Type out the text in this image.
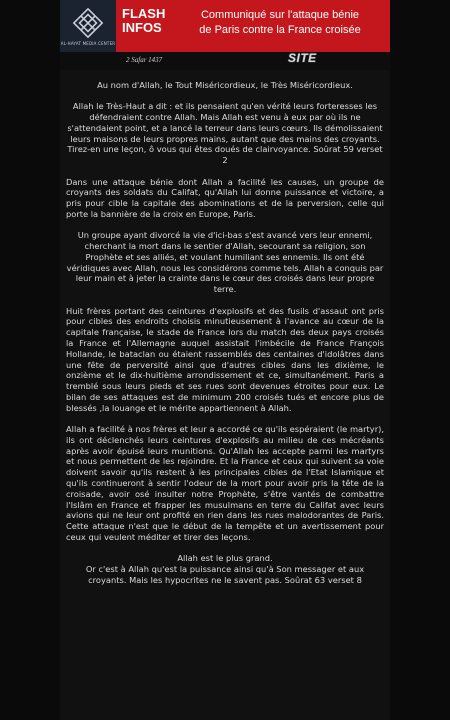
AL-HAYAT MEDIA CENTER
FLASH
INFOS
Communiqué sur l'attaque bénie
de Paris contre la France croisée
2 Safar 1437	SITE

Au nom d'Allah, le Tout Miséricordieux, le Très Miséricordieux.

Allah le Très-Haut a dit : et ils pensaient qu'en vérité leurs forteresses les défendraient contre Allah. Mais Allah est venu à eux par où ils ne s'attendaient point, et a lancé la terreur dans leurs cœurs. Ils démolissaient leurs maisons de leurs propres mains, autant que des mains des croyants. Tirez-en une leçon, ô vous qui êtes doués de clairvoyance. Soûrat 59 verset 2

Dans une attaque bénie dont Allah a facilité les causes, un groupe de croyants des soldats du Califat, qu'Allah lui donne puissance et victoire, a pris pour cible la capitale des abominations et de la perversion, celle qui porte la bannière de la croix en Europe, Paris.

Un groupe ayant divorcé la vie d'ici-bas s'est avancé vers leur ennemi, cherchant la mort dans le sentier d'Allah, secourant sa religion, son Prophète et ses alliés, et voulant humiliant ses ennemis. Ils ont été véridiques avec Allah, nous les considérons comme tels. Allah a conquis par leur main et à jeter la crainte dans le cœur des croisés dans leur propre terre.

Huit frères portant des ceintures d'explosifs et des fusils d'assaut ont pris pour cibles des endroits choisis minutieusement à l'avance au cœur de la capitale française, le stade de France lors du match des deux pays croisés la France et l'Allemagne auquel assistait l'imbécile de France François Hollande, le bataclan ou étaient rassemblés des centaines d'idolâtres dans une fête de perversité ainsi que d'autres cibles dans les dixième, le onzième et le dix-huitième arrondissement et ce, simultanément. Paris a tremblé sous leurs pieds et ses rues sont devenues étroites pour eux. Le bilan de ses attaques est de minimum 200 croisés tués et encore plus de blessés ,la louange et le mérite appartiennent à Allah.

Allah a facilité à nos frères et leur a accordé ce qu'ils espéraient (le martyr), ils ont déclenchés leurs ceintures d'explosifs au milieu de ces mécréants après avoir épuisé leurs munitions. Qu'Allah les accepte parmi les martyrs et nous permettent de les rejoindre. Et la France et ceux qui suivent sa voie doivent savoir qu'ils restent à les principales cibles de l'Etat Islamique et qu'ils continueront à sentir l'odeur de la mort pour avoir pris la tête de la croisade, avoir osé insulter notre Prophète, s'être vantés de combattre l'Islâm en France et frapper les musulmans en terre du Califat avec leurs avions qui ne leur ont profité en rien dans les rues malodorantes de Paris. Cette attaque n'est que le début de la tempête et un avertissement pour ceux qui veulent méditer et tirer des leçons.

Allah est le plus grand.

Or c'est à Allah qu'est la puissance ainsi qu'à Son messager et aux croyants. Mais les hypocrites ne le savent pas. Soûrat 63 verset 8
